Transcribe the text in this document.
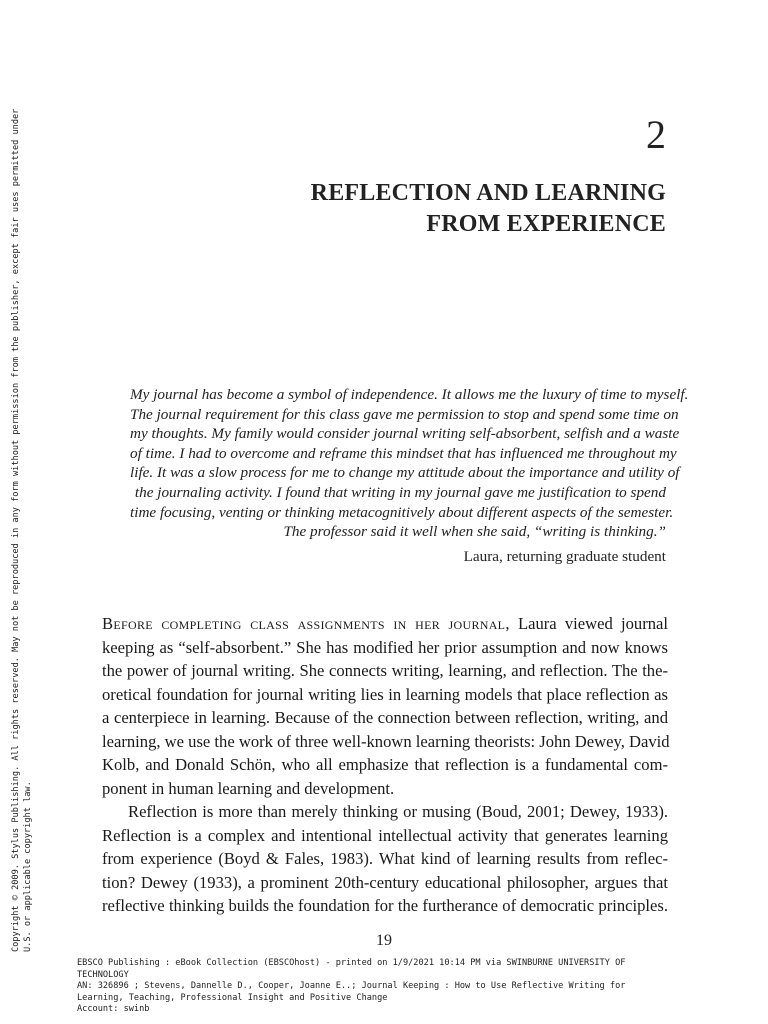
Copyright © 2009. Stylus Publishing. All rights reserved. May not be reproduced in any form without permission from the publisher, except fair uses permitted under U.S. or applicable copyright law.
2
REFLECTION AND LEARNING
FROM EXPERIENCE
My journal has become a symbol of independence. It allows me the luxury of time to myself.
The journal requirement for this class gave me permission to stop and spend some time on
my thoughts. My family would consider journal writing self-absorbent, selfish and a waste
of time. I had to overcome and reframe this mindset that has influenced me throughout my
life. It was a slow process for me to change my attitude about the importance and utility of
the journaling activity. I found that writing in my journal gave me justification to spend
time focusing, venting or thinking metacognitively about different aspects of the semester.
The professor said it well when she said, “writing is thinking.”
Laura, returning graduate student
Before completing class assignments in her journal, Laura viewed journal
keeping as “self-absorbent.” She has modified her prior assumption and now knows
the power of journal writing. She connects writing, learning, and reflection. The the-
oretical foundation for journal writing lies in learning models that place reflection as
a centerpiece in learning. Because of the connection between reflection, writing, and
learning, we use the work of three well-known learning theorists: John Dewey, David
Kolb, and Donald Schön, who all emphasize that reflection is a fundamental com-
ponent in human learning and development.
Reflection is more than merely thinking or musing (Boud, 2001; Dewey, 1933).
Reflection is a complex and intentional intellectual activity that generates learning
from experience (Boyd & Fales, 1983). What kind of learning results from reflec-
tion? Dewey (1933), a prominent 20th-century educational philosopher, argues that
reflective thinking builds the foundation for the furtherance of democratic principles.
19
EBSCO Publishing : eBook Collection (EBSCOhost) - printed on 1/9/2021 10:14 PM via SWINBURNE UNIVERSITY OF
TECHNOLOGY
AN: 326896 ; Stevens, Dannelle D., Cooper, Joanne E..; Journal Keeping : How to Use Reflective Writing for
Learning, Teaching, Professional Insight and Positive Change
Account: swinb
